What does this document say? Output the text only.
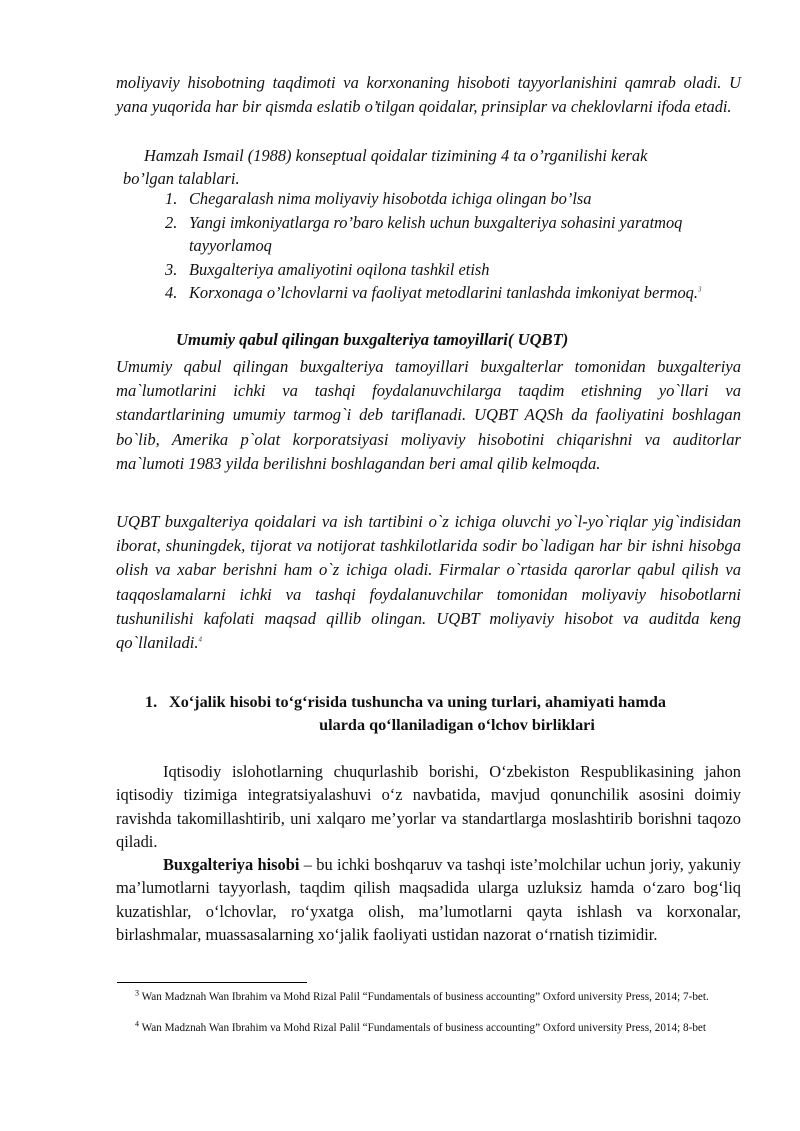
moliyaviy hisobotning taqdimoti va korxonaning hisoboti tayyorlanishini qamrab oladi. U yana yuqorida har bir qismda eslatib o’tilgan qoidalar, prinsiplar va cheklovlarni ifoda etadi.
Hamzah Ismail (1988) konseptual qoidalar tizimining 4 ta o’rganilishi kerak
bo’lgan talablari.
1. Chegaralash nima moliyaviy hisobotda ichiga olingan bo’lsa
2. Yangi imkoniyatlarga ro’baro kelish uchun buxgalteriya sohasini yaratmoq tayyorlamoq
3. Buxgalteriya amaliyotini oqilona tashkil etish
4. Korxonaga o’lchovlarni va faoliyat metodlarini tanlashda imkoniyat bermoq.$^3$
Umumiy qabul qilingan buxgalteriya tamoyillari( UQBT)
Umumiy qabul qilingan buxgalteriya tamoyillari buxgalterlar tomonidan buxgalteriya ma`lumotlarini ichki va tashqi foydalanuvchilarga taqdim etishning yo`llari va standartlarining umumiy tarmog`i deb tariflanadi. UQBT AQSh da faoliyatini boshlagan bo`lib, Amerika p`olat korporatsiyasi moliyaviy hisobotini chiqarishni va auditorlar ma`lumoti 1983 yilda berilishni boshlagandan beri amal qilib kelmoqda.
UQBT buxgalteriya qoidalari va ish tartibini o`z ichiga oluvchi yo`l-yo`riqlar yig`indisidan iborat, shuningdek, tijorat va notijorat tashkilotlarida sodir bo`ladigan har bir ishni hisobga olish va xabar berishni ham o`z ichiga oladi. Firmalar o`rtasida qarorlar qabul qilish va taqqoslamalarni ichki va tashqi foydalanuvchilar tomonidan moliyaviy hisobotlarni tushunilishi kafolati maqsad qillib olingan. UQBT moliyaviy hisobot va auditda keng qo`llaniladi.$^4$
1. Xo‘jalik hisobi to‘g‘risida tushuncha va uning turlari, ahamiyati hamda
ularda qo‘llaniladigan o‘lchov birliklari
Iqtisodiy islohotlarning chuqurlashib borishi, O‘zbekiston Respublikasining jahon iqtisodiy tizimiga integratsiyalashuvi o‘z navbatida, mavjud qonunchilik asosini doimiy ravishda takomillashtirib, uni xalqaro me’yorlar va standartlarga moslashtirib borishni taqozo qiladi.
Buxgalteriya hisobi – bu ichki boshqaruv va tashqi iste’molchilar uchun joriy, yakuniy ma’lumotlarni tayyorlash, taqdim qilish maqsadida ularga uzluksiz hamda o‘zaro bog‘liq kuzatishlar, o‘lchovlar, ro‘yxatga olish, ma’lumotlarni qayta ishlash va korxonalar, birlashmalar, muassasalarning xo‘jalik faoliyati ustidan nazorat o‘rnatish tizimidir.
$^3$ Wan Madznah Wan Ibrahim va Mohd Rizal Palil “Fundamentals of business accounting” Oxford university Press, 2014; 7-bet.
$^4$ Wan Madznah Wan Ibrahim va Mohd Rizal Palil “Fundamentals of business accounting” Oxford university Press, 2014; 8-bet
